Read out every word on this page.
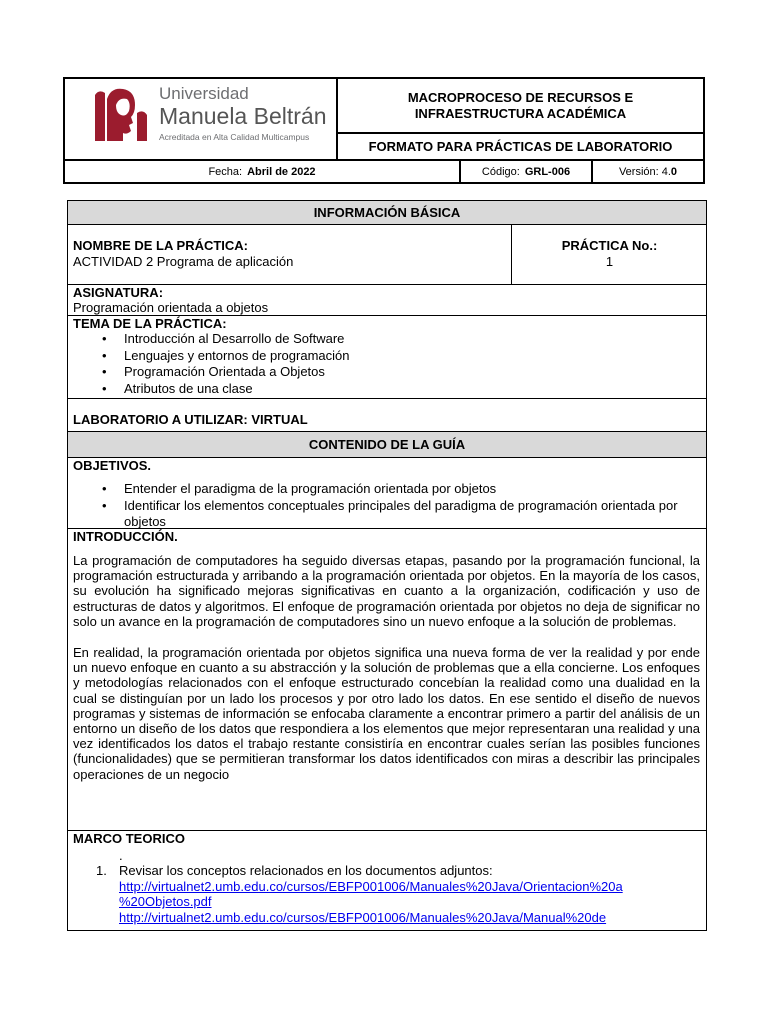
Universidad
Manuela Beltrán
Acreditada en Alta Calidad Multicampus
MACROPROCESO DE RECURSOS E INFRAESTRUCTURA ACADÉMICA
FORMATO PARA PRÁCTICAS DE LABORATORIO
Fecha: Abril de 2022	Código: GRL-006	Versión: 4. 0
INFORMACIÓN BÁSICA
NOMBRE DE LA PRÁCTICA:
ACTIVIDAD 2 Programa de aplicación
PRÁCTICA No.:
1
ASIGNATURA:
Programación orientada a objetos
TEMA DE LA PRÁCTICA:
• Introducción al Desarrollo de Software
• Lenguajes y entornos de programación
• Programación Orientada a Objetos
• Atributos de una clase
LABORATORIO A UTILIZAR: VIRTUAL
CONTENIDO DE LA GUÍA
OBJETIVOS.
• Entender el paradigma de la programación orientada por objetos
• Identificar los elementos conceptuales principales del paradigma de programación orientada por objetos
INTRODUCCIÓN.

La programación de computadores ha seguido diversas etapas, pasando por la programación funcional, la programación estructurada y arribando a la programación orientada por objetos. En la mayoría de los casos, su evolución ha significado mejoras significativas en cuanto a la organización, codificación y uso de estructuras de datos y algoritmos. El enfoque de programación orientada por objetos no deja de significar no solo un avance en la programación de computadores sino un nuevo enfoque a la solución de problemas.

En realidad, la programación orientada por objetos significa una nueva forma de ver la realidad y por ende un nuevo enfoque en cuanto a su abstracción y la solución de problemas que a ella concierne. Los enfoques y metodologías relacionados con el enfoque estructurado concebían la realidad como una dualidad en la cual se distinguían por un lado los procesos y por otro lado los datos. En ese sentido el diseño de nuevos programas y sistemas de información se enfocaba claramente a encontrar primero a partir del análisis de un entorno un diseño de los datos que respondiera a los elementos que mejor representaran una realidad y una vez identificados los datos el trabajo restante consistiría en encontrar cuales serían las posibles funciones (funcionalidades) que se permitieran transformar los datos identificados con miras a describir las principales operaciones de un negocio

MARCO TEORICO
.
1. Revisar los conceptos relacionados en los documentos adjuntos:
http://virtualnet2.umb.edu.co/cursos/EBFP001006/Manuales%20Java/Orientacion%20a
%20Objetos.pdf
http://virtualnet2.umb.edu.co/cursos/EBFP001006/Manuales%20Java/Manual%20de
